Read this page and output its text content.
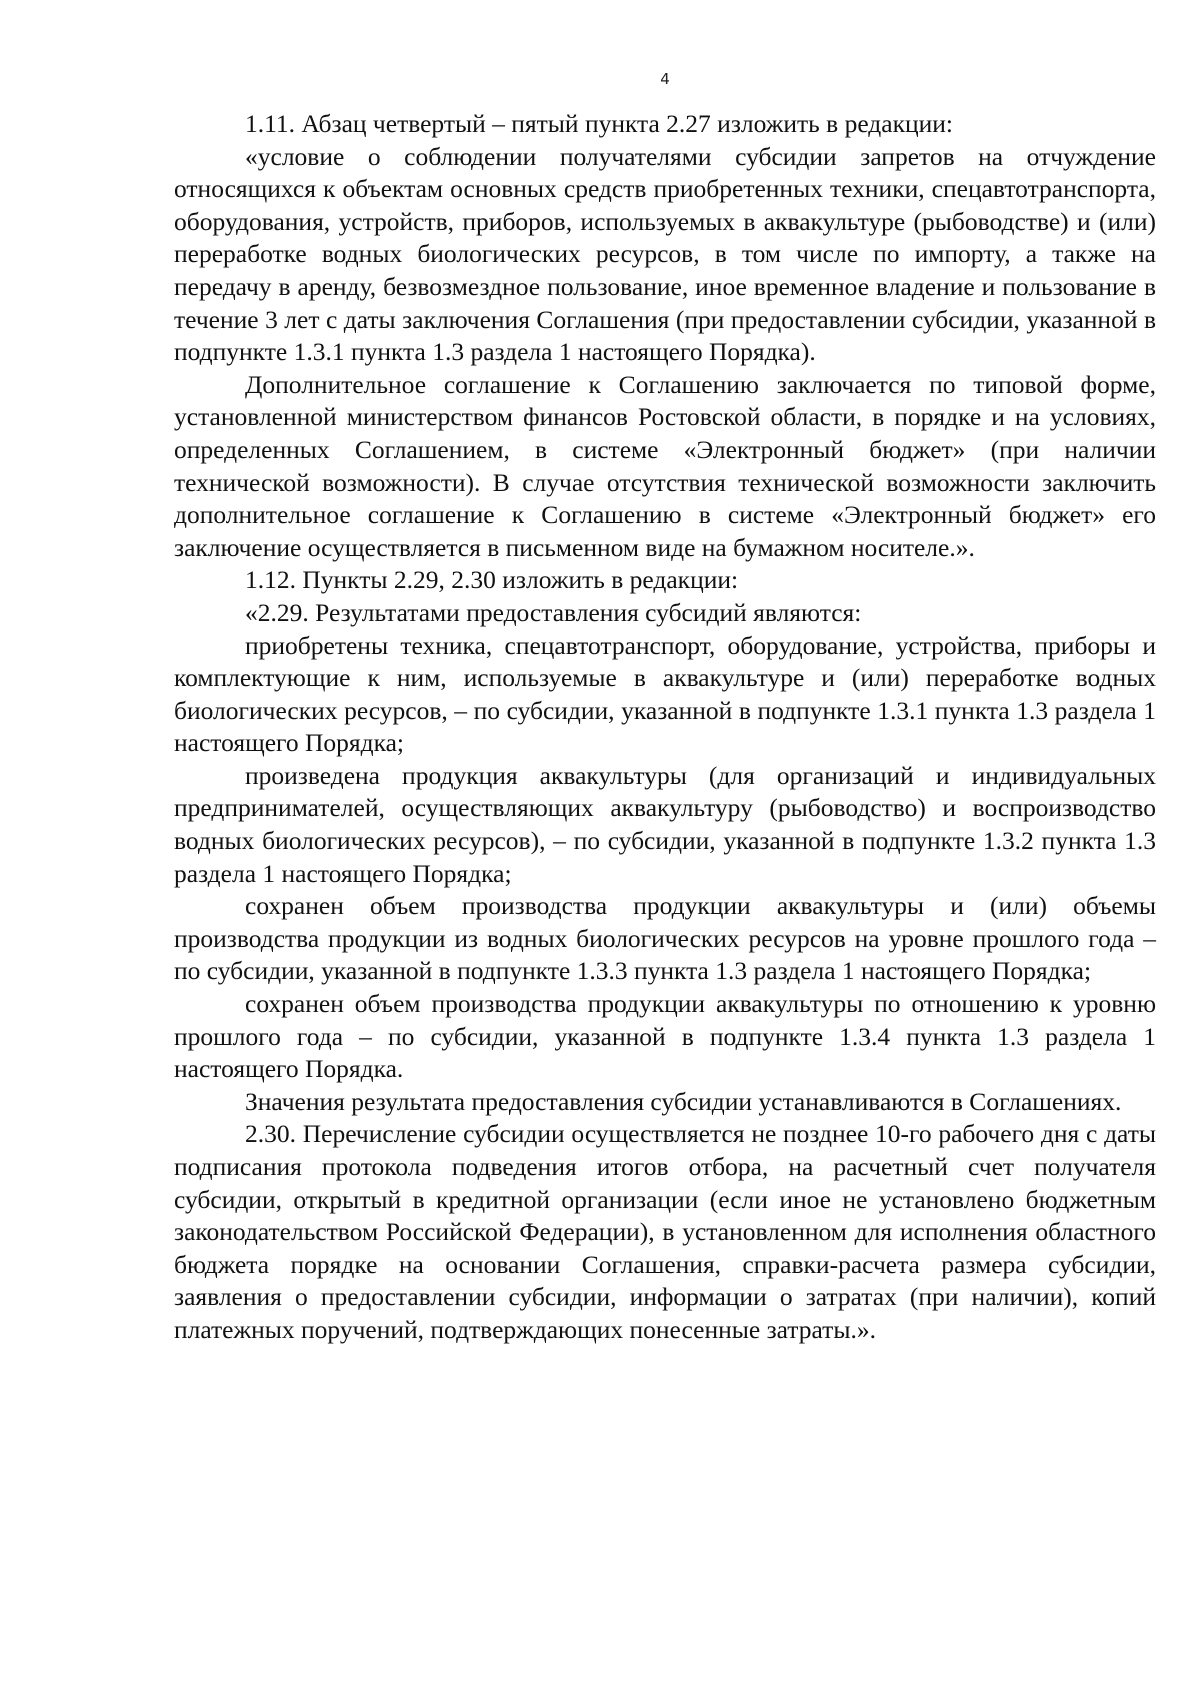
4

1.11. Абзац четвертый – пятый пункта 2.27 изложить в редакции:

«условие о соблюдении получателями субсидии запретов на отчуждение относящихся к объектам основных средств приобретенных техники, спецавтотранспорта, оборудования, устройств, приборов, используемых в аквакультуре (рыбоводстве) и (или) переработке водных биологических ресурсов, в том числе по импорту, а также на передачу в аренду, безвозмездное пользование, иное временное владение и пользование в течение 3 лет с даты заключения Соглашения (при предоставлении субсидии, указанной в подпункте 1.3.1 пункта 1.3 раздела 1 настоящего Порядка).

Дополнительное соглашение к Соглашению заключается по типовой форме, установленной министерством финансов Ростовской области, в порядке и на условиях, определенных Соглашением, в системе «Электронный бюджет» (при наличии технической возможности). В случае отсутствия технической возможности заключить дополнительное соглашение к Соглашению в системе «Электронный бюджет» его заключение осуществляется в письменном виде на бумажном носителе.».

1.12. Пункты 2.29, 2.30 изложить в редакции:

«2.29. Результатами предоставления субсидий являются:

приобретены техника, спецавтотранспорт, оборудование, устройства, приборы и комплектующие к ним, используемые в аквакультуре и (или) переработке водных биологических ресурсов, – по субсидии, указанной в подпункте 1.3.1 пункта 1.3 раздела 1 настоящего Порядка;

произведена продукция аквакультуры (для организаций и индивидуальных предпринимателей, осуществляющих аквакультуру (рыбоводство) и воспроизводство водных биологических ресурсов), – по субсидии, указанной в подпункте 1.3.2 пункта 1.3 раздела 1 настоящего Порядка;

сохранен объем производства продукции аквакультуры и (или) объемы производства продукции из водных биологических ресурсов на уровне прошлого года – по субсидии, указанной в подпункте 1.3.3 пункта 1.3 раздела 1 настоящего Порядка;

сохранен объем производства продукции аквакультуры по отношению к уровню прошлого года – по субсидии, указанной в подпункте 1.3.4 пункта 1.3 раздела 1 настоящего Порядка.

Значения результата предоставления субсидии устанавливаются в Соглашениях.

2.30. Перечисление субсидии осуществляется не позднее 10-го рабочего дня с даты подписания протокола подведения итогов отбора, на расчетный счет получателя субсидии, открытый в кредитной организации (если иное не установлено бюджетным законодательством Российской Федерации), в установленном для исполнения областного бюджета порядке на основании Соглашения, справки-расчета размера субсидии, заявления о предоставлении субсидии, информации о затратах (при наличии), копий платежных поручений, подтверждающих понесенные затраты.».
